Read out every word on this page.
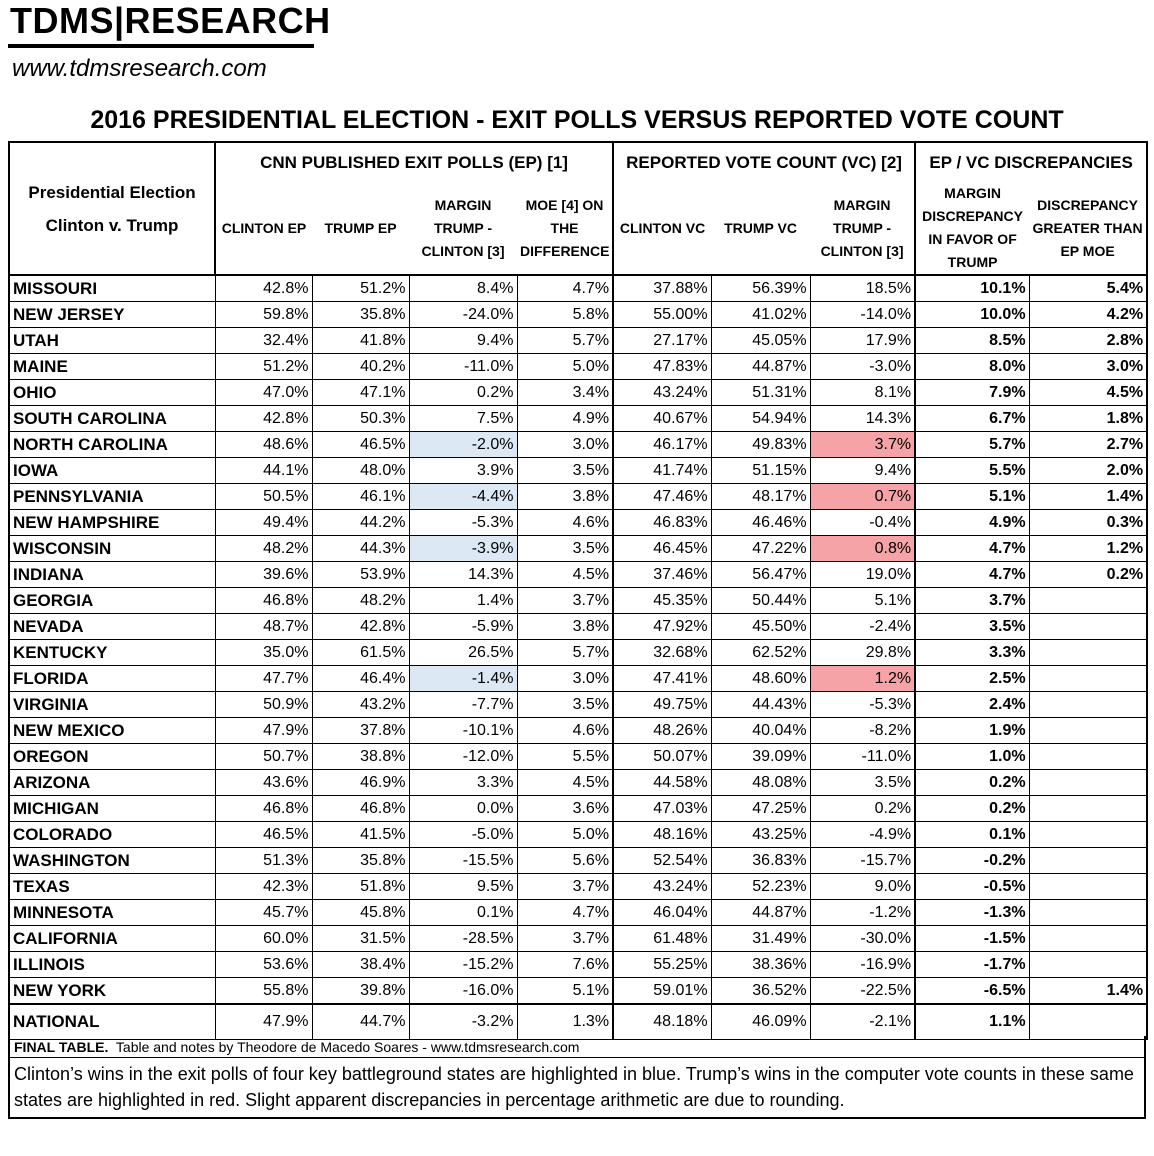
TDMS|RESEARCH
www.tdmsresearch.com
2016 PRESIDENTIAL ELECTION - EXIT POLLS VERSUS REPORTED VOTE COUNT
Presidential Election Clinton v. Trump	CNN PUBLISHED EXIT POLLS (EP) [1]				REPORTED VOTE COUNT (VC) [2]			EP / VC DISCREPANCIES	
	CLINTON EP	TRUMP EP	MARGIN TRUMP - CLINTON [3]	MOE [4] ON THE DIFFERENCE	CLINTON VC	TRUMP VC	MARGIN TRUMP - CLINTON [3]	MARGIN DISCREPANCY IN FAVOR OF TRUMP	DISCREPANCY GREATER THAN EP MOE
MISSOURI	42.8%	51.2%	8.4%	4.7%	37.88%	56.39%	18.5%	10.1%	5.4%
NEW JERSEY	59.8%	35.8%	-24.0%	5.8%	55.00%	41.02%	-14.0%	10.0%	4.2%
UTAH	32.4%	41.8%	9.4%	5.7%	27.17%	45.05%	17.9%	8.5%	2.8%
MAINE	51.2%	40.2%	-11.0%	5.0%	47.83%	44.87%	-3.0%	8.0%	3.0%
OHIO	47.0%	47.1%	0.2%	3.4%	43.24%	51.31%	8.1%	7.9%	4.5%
SOUTH CAROLINA	42.8%	50.3%	7.5%	4.9%	40.67%	54.94%	14.3%	6.7%	1.8%
NORTH CAROLINA	48.6%	46.5%	-2.0%	3.0%	46.17%	49.83%	3.7%	5.7%	2.7%
IOWA	44.1%	48.0%	3.9%	3.5%	41.74%	51.15%	9.4%	5.5%	2.0%
PENNSYLVANIA	50.5%	46.1%	-4.4%	3.8%	47.46%	48.17%	0.7%	5.1%	1.4%
NEW HAMPSHIRE	49.4%	44.2%	-5.3%	4.6%	46.83%	46.46%	-0.4%	4.9%	0.3%
WISCONSIN	48.2%	44.3%	-3.9%	3.5%	46.45%	47.22%	0.8%	4.7%	1.2%
INDIANA	39.6%	53.9%	14.3%	4.5%	37.46%	56.47%	19.0%	4.7%	0.2%
GEORGIA	46.8%	48.2%	1.4%	3.7%	45.35%	50.44%	5.1%	3.7%	
NEVADA	48.7%	42.8%	-5.9%	3.8%	47.92%	45.50%	-2.4%	3.5%	
KENTUCKY	35.0%	61.5%	26.5%	5.7%	32.68%	62.52%	29.8%	3.3%	
FLORIDA	47.7%	46.4%	-1.4%	3.0%	47.41%	48.60%	1.2%	2.5%	
VIRGINIA	50.9%	43.2%	-7.7%	3.5%	49.75%	44.43%	-5.3%	2.4%	
NEW MEXICO	47.9%	37.8%	-10.1%	4.6%	48.26%	40.04%	-8.2%	1.9%	
OREGON	50.7%	38.8%	-12.0%	5.5%	50.07%	39.09%	-11.0%	1.0%	
ARIZONA	43.6%	46.9%	3.3%	4.5%	44.58%	48.08%	3.5%	0.2%	
MICHIGAN	46.8%	46.8%	0.0%	3.6%	47.03%	47.25%	0.2%	0.2%	
COLORADO	46.5%	41.5%	-5.0%	5.0%	48.16%	43.25%	-4.9%	0.1%	
WASHINGTON	51.3%	35.8%	-15.5%	5.6%	52.54%	36.83%	-15.7%	-0.2%	
TEXAS	42.3%	51.8%	9.5%	3.7%	43.24%	52.23%	9.0%	-0.5%	
MINNESOTA	45.7%	45.8%	0.1%	4.7%	46.04%	44.87%	-1.2%	-1.3%	
CALIFORNIA	60.0%	31.5%	-28.5%	3.7%	61.48%	31.49%	-30.0%	-1.5%	
ILLINOIS	53.6%	38.4%	-15.2%	7.6%	55.25%	38.36%	-16.9%	-1.7%	
NEW YORK	55.8%	39.8%	-16.0%	5.1%	59.01%	36.52%	-22.5%	-6.5%	1.4%
NATIONAL	47.9%	44.7%	-3.2%	1.3%	48.18%	46.09%	-2.1%	1.1%	
FINAL TABLE. Table and notes by Theodore de Macedo Soares - www.tdmsresearch.com
Clinton’s wins in the exit polls of four key battleground states are highlighted in blue. Trump’s wins in the computer vote counts in these same states are highlighted in red. Slight apparent discrepancies in percentage arithmetic are due to rounding.
